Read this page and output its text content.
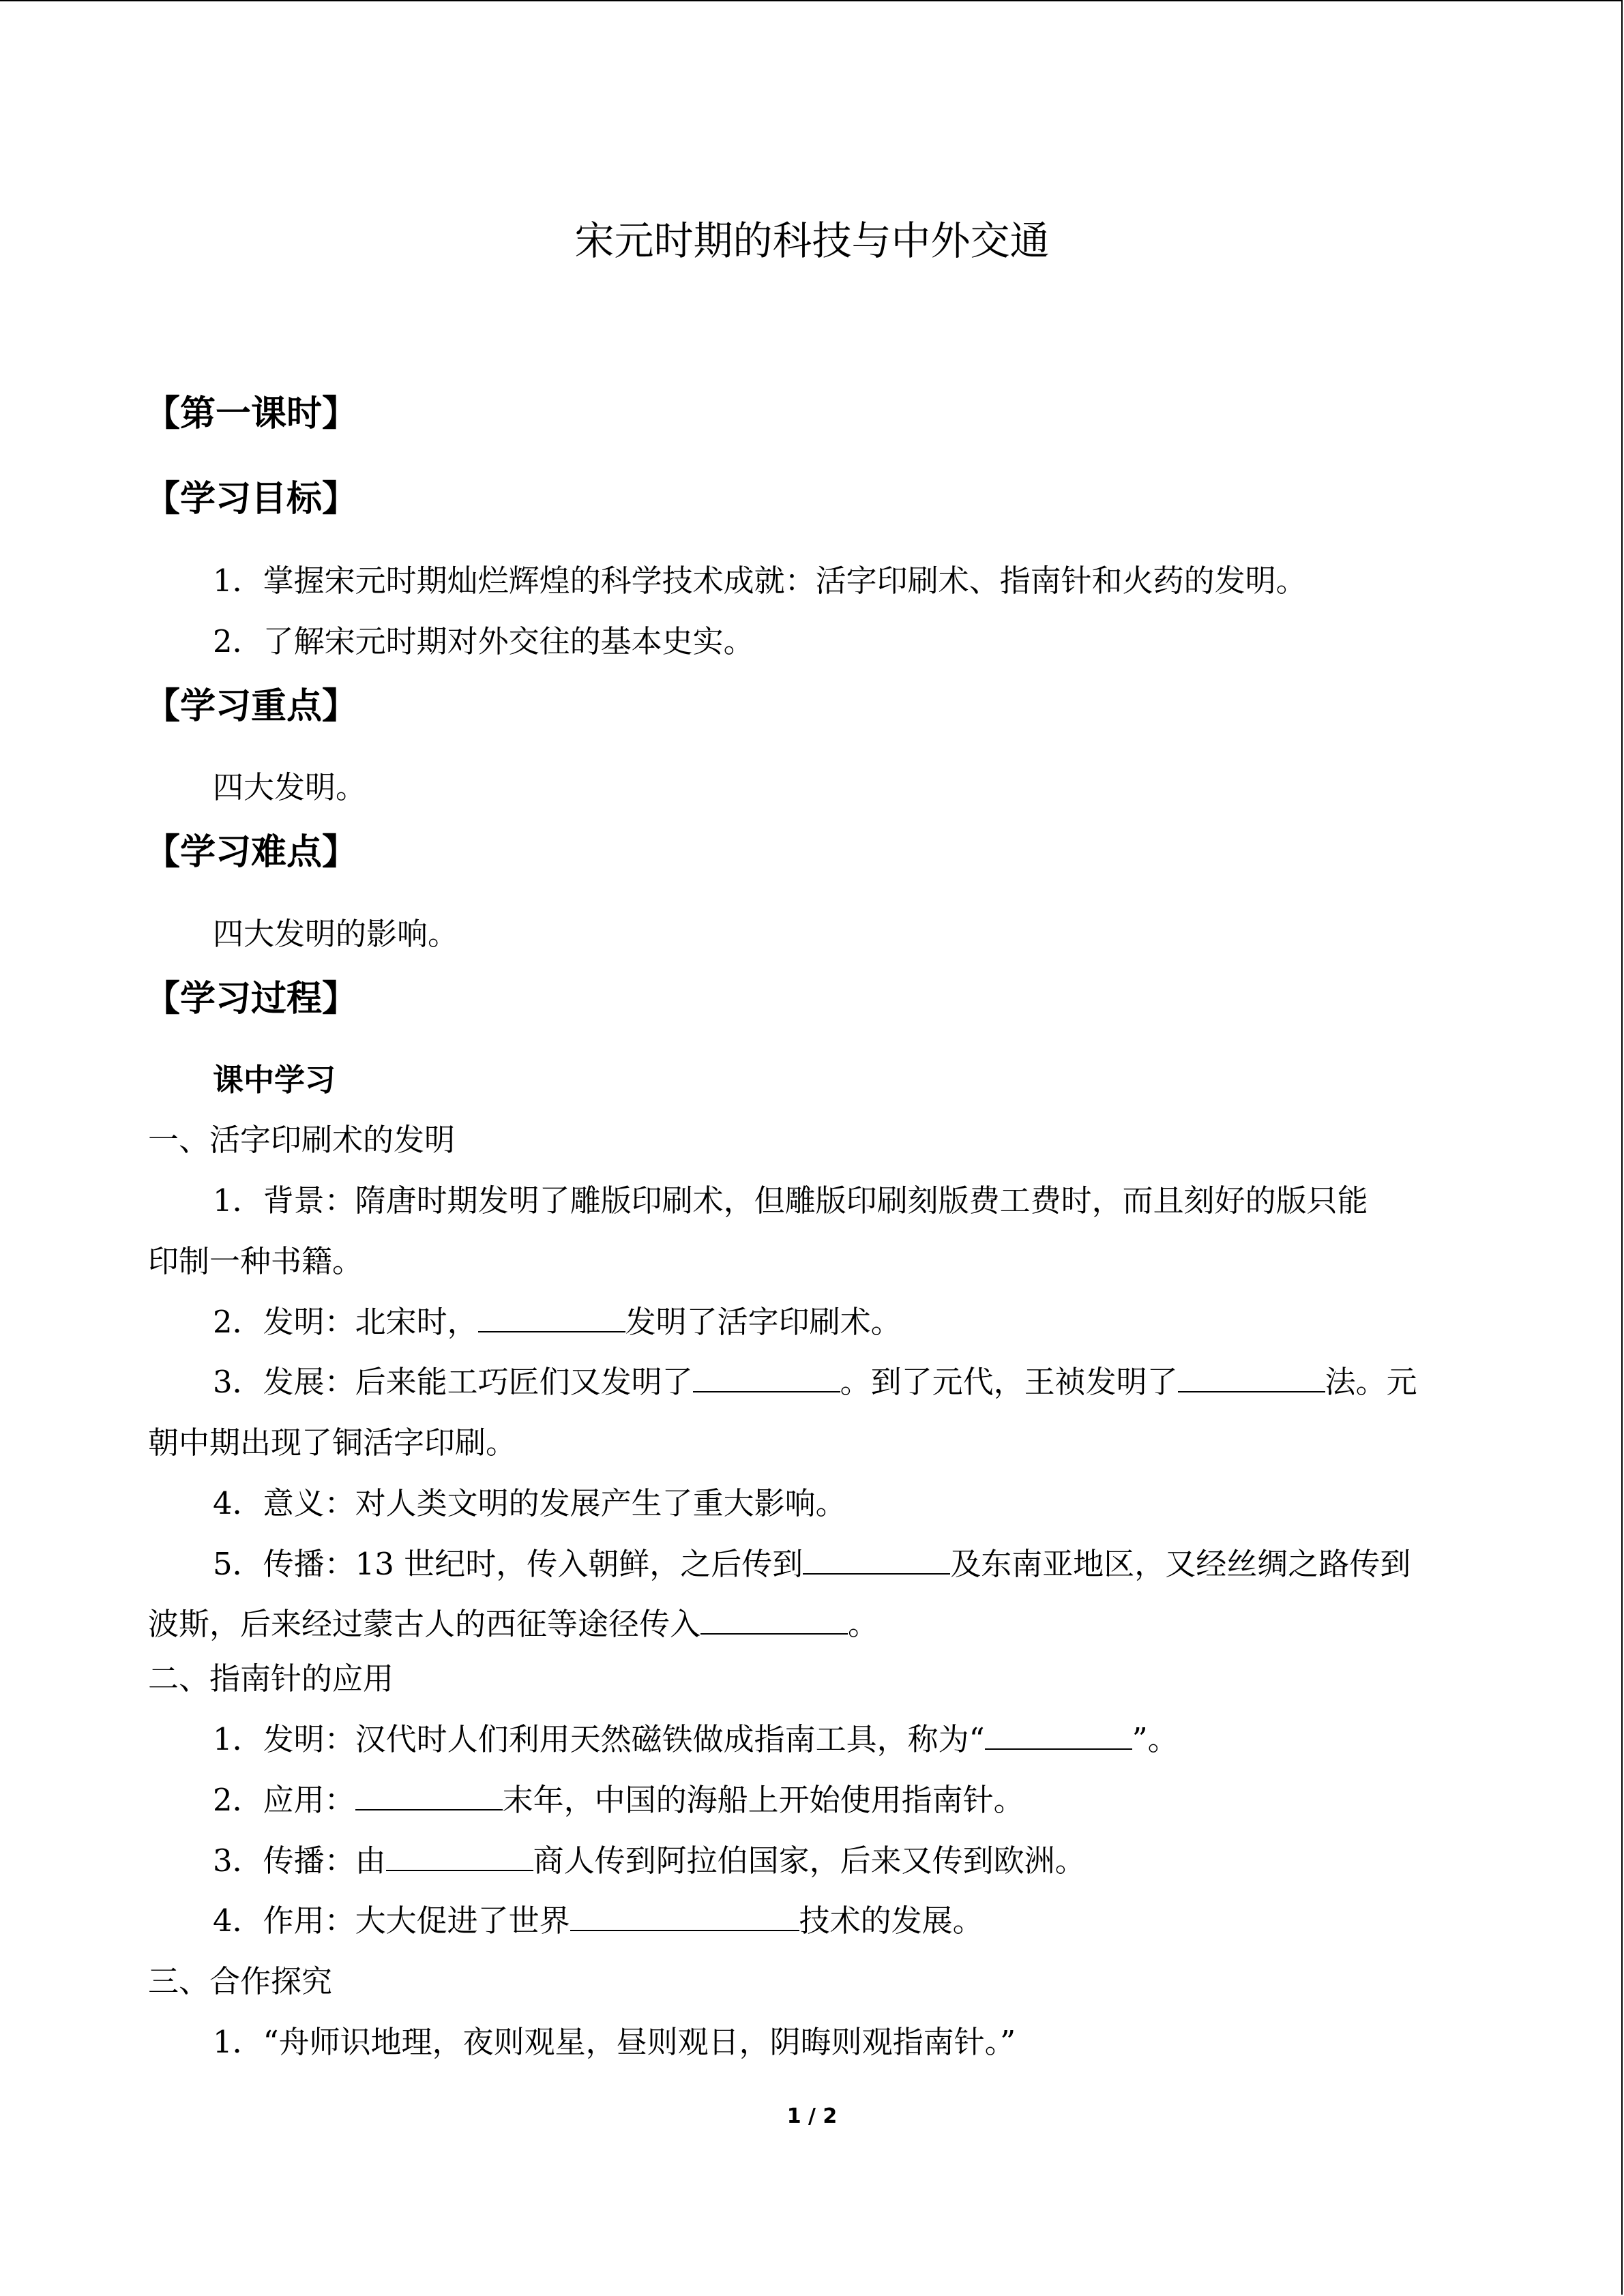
宋元时期的科技与中外交通
【第一课时】
【学习目标】

1．掌握宋元时期灿烂辉煌的科学技术成就：活字印刷术、指南针和火药的发明。

2．了解宋元时期对外交往的基本史实。

【学习重点】

四大发明。

【学习难点】

四大发明的影响。

【学习过程】

课中学习

一、活字印刷术的发明

1．背景：隋唐时期发明了雕版印刷术，但雕版印刷刻版费工费时，而且刻好的版只能

印制一种书籍。

2．发明：北宋时，	发明了活字印刷术。

3．发展：后来能工巧匠们又发明了	。到了元代，王祯发明了	法。元

朝中期出现了铜活字印刷。

4．意义：对人类文明的发展产生了重大影响。

5．传播：13 世纪时，传入朝鲜，之后传到	及东南亚地区，又经丝绸之路传到

波斯，后来经过蒙古人的西征等途径传入	。

二、指南针的应用

1．发明：汉代时人们利用天然磁铁做成指南工具，称为“	”。

2．应用：	末年，中国的海船上开始使用指南针。

3．传播：由	商人传到阿拉伯国家，后来又传到欧洲。

4．作用：大大促进了世界	技术的发展。

三、合作探究

1．“舟师识地理，夜则观星，昼则观日，阴晦则观指南针。”

1 / 2
